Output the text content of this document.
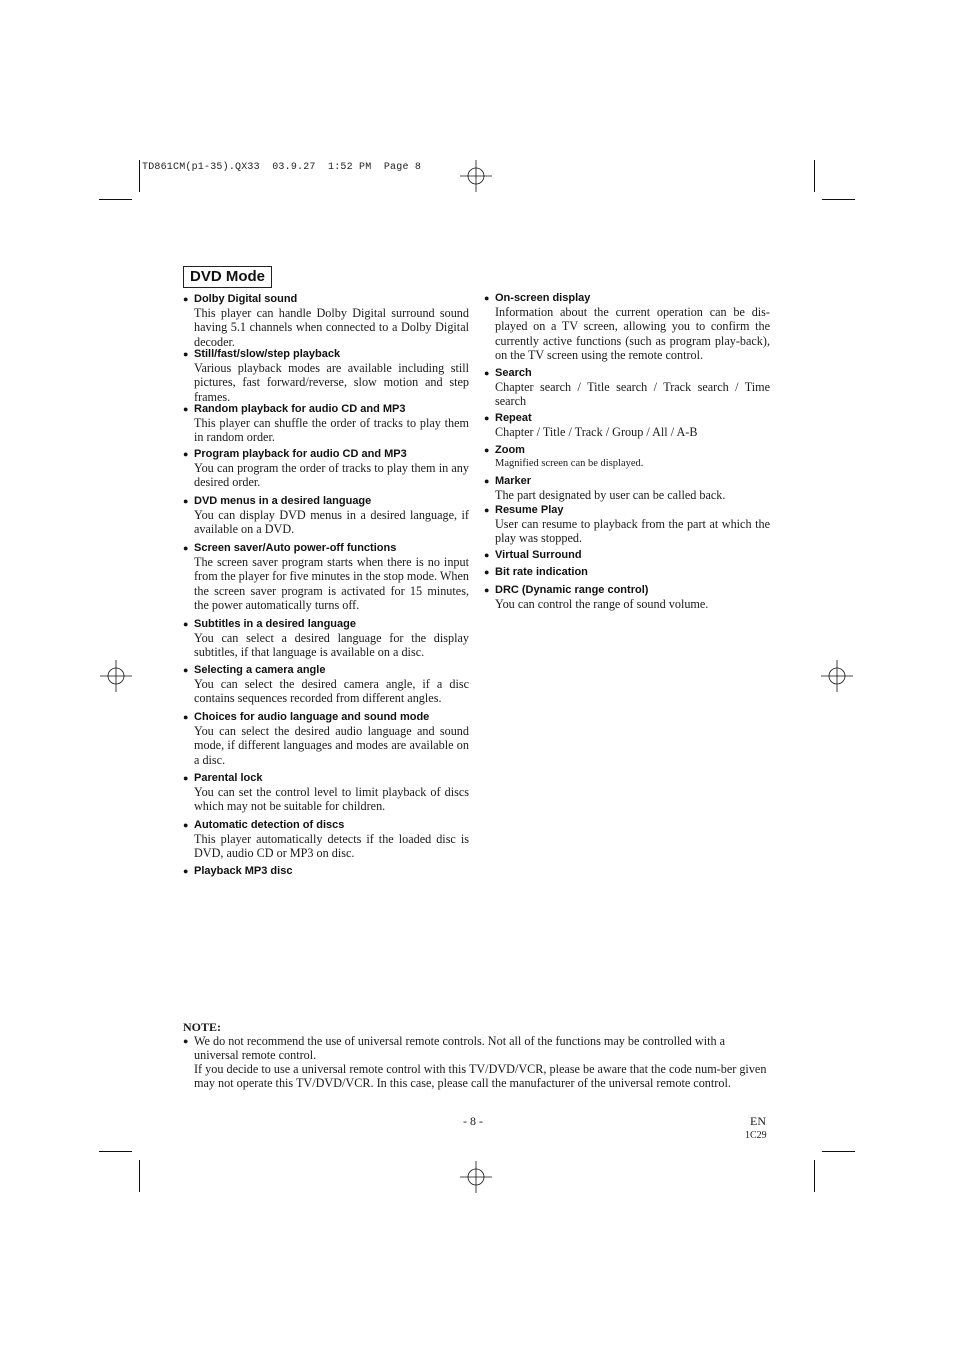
TD861CM(p1-35).QX33  03.9.27  1:52 PM  Page 8
DVD Mode
● Dolby Digital sound
This player can handle Dolby Digital surround sound having 5.1 channels when connected to a Dolby Digital decoder.
● Still/fast/slow/step playback
Various playback modes are available including still pictures, fast forward/reverse, slow motion and step frames.
● Random playback for audio CD and MP3
This player can shuffle the order of tracks to play them in random order.
● Program playback for audio CD and MP3
You can program the order of tracks to play them in any desired order.
● DVD menus in a desired language
You can display DVD menus in a desired language, if available on a DVD.
● Screen saver/Auto power-off functions
The screen saver program starts when there is no input from the player for five minutes in the stop mode. When the screen saver program is activated for 15 minutes, the power automatically turns off.
● Subtitles in a desired language
You can select a desired language for the display subtitles, if that language is available on a disc.
● Selecting a camera angle
You can select the desired camera angle, if a disc contains sequences recorded from different angles.
● Choices for audio language and sound mode
You can select the desired audio language and sound mode, if different languages and modes are available on a disc.
● Parental lock
You can set the control level to limit playback of discs which may not be suitable for children.
● Automatic detection of discs
This player automatically detects if the loaded disc is DVD, audio CD or MP3 on disc.
● Playback MP3 disc
● On-screen display
Information about the current operation can be dis-played on a TV screen, allowing you to confirm the currently active functions (such as program play-back), on the TV screen using the remote control.
● Search
Chapter search / Title search / Track search / Time search
● Repeat
Chapter / Title / Track / Group / All / A-B
● Zoom
Magnified screen can be displayed.
● Marker
The part designated by user can be called back.
● Resume Play
User can resume to playback from the part at which the play was stopped.
● Virtual Surround
● Bit rate indication
● DRC (Dynamic range control)
You can control the range of sound volume.
NOTE:
● We do not recommend the use of universal remote controls. Not all of the functions may be controlled with a universal remote control.

If you decide to use a universal remote control with this TV/DVD/VCR, please be aware that the code num-ber given may not operate this TV/DVD/VCR. In this case, please call the manufacturer of the universal remote control.

- 8 -	EN
1C29
